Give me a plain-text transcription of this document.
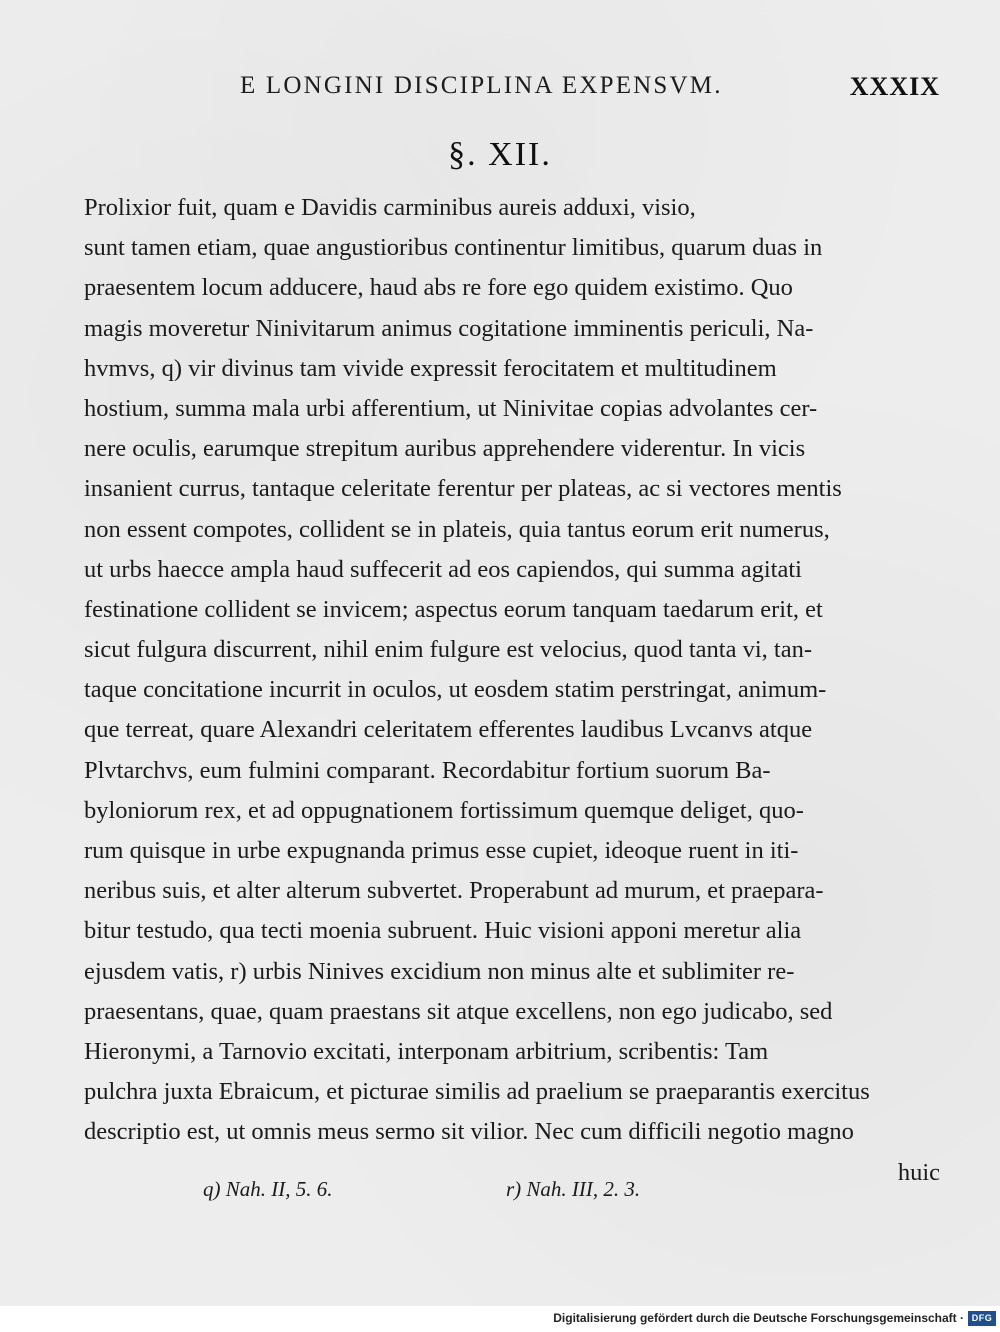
E LONGINI DISCIPLINA EXPENSVM.	XXXIX
§. XII.
Prolixior fuit, quam e Davidis carminibus aureis adduxi, visio,
sunt tamen etiam, quae angustioribus continentur limitibus, quarum duas in
praesentem locum adducere, haud abs re fore ego quidem existimo. Quo
magis moveretur Ninivitarum animus cogitatione imminentis periculi, Na-
hvmvs, q) vir divinus tam vivide expressit ferocitatem et multitudinem
hostium, summa mala urbi afferentium, ut Ninivitae copias advolantes cer-
nere oculis, earumque strepitum auribus apprehendere viderentur. In vicis
insanient currus, tantaque celeritate ferentur per plateas, ac si vectores mentis
non essent compotes, collident se in plateis, quia tantus eorum erit numerus,
ut urbs haecce ampla haud suffecerit ad eos capiendos, qui summa agitati
festinatione collident se invicem; aspectus eorum tanquam taedarum erit, et
sicut fulgura discurrent, nihil enim fulgure est velocius, quod tanta vi, tan-
taque concitatione incurrit in oculos, ut eosdem statim perstringat, animum-
que terreat, quare Alexandri celeritatem efferentes laudibus Lvcanvs atque
Plvtarchvs, eum fulmini comparant. Recordabitur fortium suorum Ba-
byloniorum rex, et ad oppugnationem fortissimum quemque deliget, quo-
rum quisque in urbe expugnanda primus esse cupiet, ideoque ruent in iti-
neribus suis, et alter alterum subvertet. Properabunt ad murum, et praepara-
bitur testudo, qua tecti moenia subruent. Huic visioni apponi meretur alia
ejusdem vatis, r) urbis Ninives excidium non minus alte et sublimiter re-
praesentans, quae, quam praestans sit atque excellens, non ego judicabo, sed
Hieronymi, a Tarnovio excitati, interponam arbitrium, scribentis: Tam
pulchra juxta Ebraicum, et picturae similis ad praelium se praeparantis exercitus
descriptio est, ut omnis meus sermo sit vilior. Nec cum difficili negotio magno
huic
q) Nah. II, 5. 6.	r) Nah. III, 2. 3.
Digitalisierung gefördert durch die Deutsche Forschungsgemeinschaft · DFG
